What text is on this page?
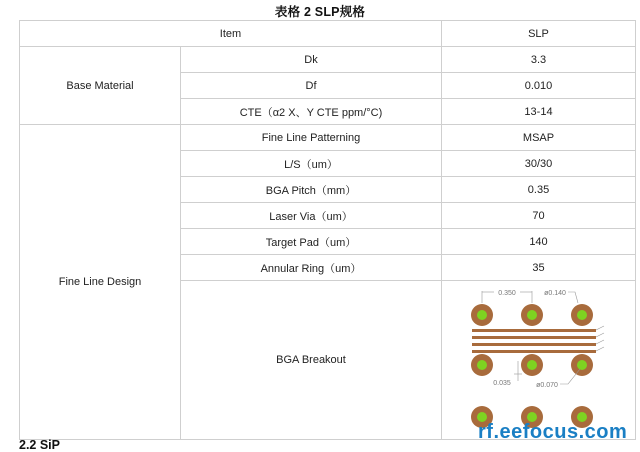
表格 2 SLP规格
Item		SLP
Base Material	Dk	3.3
	Df	0.010
	CTE（α2 X、Y CTE ppm/°C)	13-14
Fine Line Design	Fine Line Patterning	MSAP
	L/S（um）	30/30
	BGA Pitch（mm）	0.35
	Laser Via（um）	70
	Target Pad（um）	140
	Annular Ring（um）	35
	BGA Breakout	0.350 ø0.140
0.035 ø0.070
2.2 SiP
rf.eefocus.com
